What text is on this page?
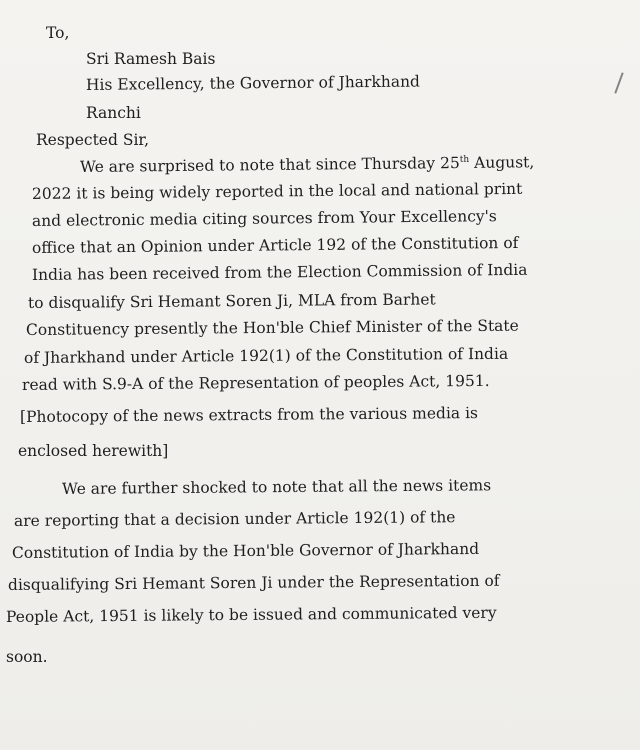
To,
Sri Ramesh Bais
His Excellency, the Governor of Jharkhand
Ranchi
Respected Sir,
We are surprised to note that since Thursday 25th August,
2022 it is being widely reported in the local and national print
and electronic media citing sources from Your Excellency's
office that an Opinion under Article 192 of the Constitution of
India has been received from the Election Commission of India
to disqualify Sri Hemant Soren Ji, MLA from Barhet
Constituency presently the Hon'ble Chief Minister of the State
of Jharkhand under Article 192(1) of the Constitution of India
read with S.9-A of the Representation of peoples Act, 1951.
[Photocopy of the news extracts from the various media is
enclosed herewith]
We are further shocked to note that all the news items
are reporting that a decision under Article 192(1) of the
Constitution of India by the Hon'ble Governor of Jharkhand
disqualifying Sri Hemant Soren Ji under the Representation of
People Act, 1951 is likely to be issued and communicated very
soon.
